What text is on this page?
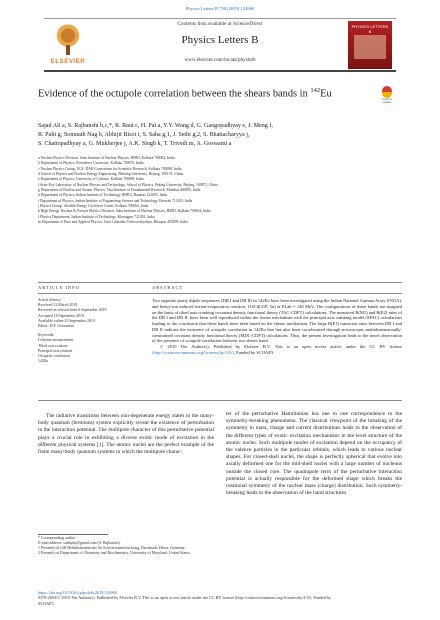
Physics Letters B 798 (2019) 134960
ELSEVIER
Contents lists available at ScienceDirect
Physics Letters B
www.elsevier.com/locate/physletb
PHYSICS LETTERS B
Evidence of the octupole correlation between the shears bands in $^{142}$Eu
Check for updates

Sajad Ali a, S. Rajbanshi b,c,*, R. Raut c, H. Pai a, Y.Y. Wang d, G. Gangopadhyay e, J. Meng f,

R. Palit g, Somnath Nag h, Abhijit Bisoi i, S. Saha g,1, J. Sethi g,2, S. Bhattacharyya j,

S. Chattopadhyay a, G. Mukherjee j, A.K. Singh k, T. Trivedi m, A. Goswami a

a Nuclear Physics Division, Saha Institute of Nuclear Physics, HBNI, Kolkata 700064, India

b Department of Physics, Presidency University, Kolkata 700073, India

c Nuclear Physics Group, UGC-DAE-Consortium for Scientific Research, Kolkata 700098, India

d School of Physics and Nuclear Energy Engineering, Beihang University, Beijing, 100191, China

e Department of Physics, University of Calcutta, Kolkata 700009, India

f State Key Laboratory of Nuclear Physics and Technology, School of Physics, Peking University, Beijing, 100871, China

g Department of Nuclear and Atomic Physics, Tata Institute of Fundamental Research, Mumbai 400005, India

h Department of Physics, Indian Institute of Technology (BHU), Banaras 221005, India

i Department of Physics, Indian Institute of Engineering Science and Technology, Howrah 711103, India

j Physics Group, Variable Energy Cyclotron Center, Kolkata 700064, India

k High Energy Nuclear & Particle Physics Division, Saha Institute of Nuclear Physics, HBNI, Kolkata 700064, India

l Physics Department, Indian Institute of Technology, Kharagpur 721302, India

m Department of Pure and Applied Physics, Guru Ghasidas Vishwavidyalaya, Bilaspur 495009, India

ARTICLE INFO	ABSTRACT

Article history:

Received 21 March 2019

Received in revised form 6 September 2019

Accepted 18 September 2019

Available online 23 September 2019

Editor: D.F. Geesaman

Keywords:

Lifetime measurement

Tilted axis rotation

Principal axis rotation

Octupole correlation

142Eu

Two opposite parity dipole sequences (DB I and DB II) in 142Eu have been investigated using the Indian National Gamma Array (INGA), and heavy-ion induced fusion-evaporation reaction, 116Cd(31P, 5n) at ELab = 148 MeV. The configurations of these bands are assigned on the basis of tilted axis cranking covariant density functional theory (TAC-CDFT) calculations. The measured B(M1) and B(E2) rates of the DB I and DB II, have been well reproduced within the shears mechanism with the principal axis cranking model (SPAC) calculations leading to the conclusion that these bands have been based on the shears mechanism. The large B(E1) transition rates between DB I and DB II indicate the existence of octupole correlation in 142Eu that has also been corroborated through microscopic multidimensionally-constrained covariant density functional theory (MDC-CDFT) calculations. Thus, the present investigation leads to the novel observation of the presence of octupole correlation between two shears band.

© 2019 The Author(s). Published by Elsevier B.V. This is an open access article under the CC BY license (http://creativecommons.org/licenses/by/4.0/). Funded by SCOAP3.

The radiative transitions between non-degenerate energy states in the many-body quantum (fermions) system explicitly reveal the existence of perturbation in the interaction potential. The multipole character of this perturbative potential plays a crucial role in exhibiting a diverse exotic mode of excitation in the different physical systems [1]. The atomic nuclei are the perfect example of the finite many-body quantum systems in which the multipole charac-
ter of the perturbative Hamiltonian has one to one correspondence to the symmetry-breaking phenomena. The classical viewpoint of the breaking of the symmetry in mass, charge and current distributions leads to the observation of the different types of exotic excitation mechanisms in the level structure of the atomic nuclei. Such multipole modes of excitation depend on the occupancy of the valence particles in the particular orbitals, which leads to various nuclear shapes. For closed-shell nuclei, the shape is perfectly spherical that evolve into axially deformed one for the mid-shell nuclei with a large number of nucleons outside the closed core. The quadrupole term of the perturbative interaction potential is actually responsible for the deformed shape which breaks the rotational symmetry of the nuclear mass (charge) distribution. Such symmetry-breaking leads to the observation of the band structures

* Corresponding author.

E-mail address: subhphy@gmail.com (S. Rajbanshi).

1 Presently at GSI Helmholtzzentrum für Schwerionenforschung, Darmstadt, Hesse, Germany.

2 Presently at Department of Chemistry and Biochemistry, University of Maryland, United States.

https://doi.org/10.1016/j.physletb.2019.134960

0370-2693/© 2019 The Author(s). Published by Elsevier B.V. This is an open access article under the CC BY license (http://creativecommons.org/licenses/by/4.0/). Funded by

SCOAP3.
